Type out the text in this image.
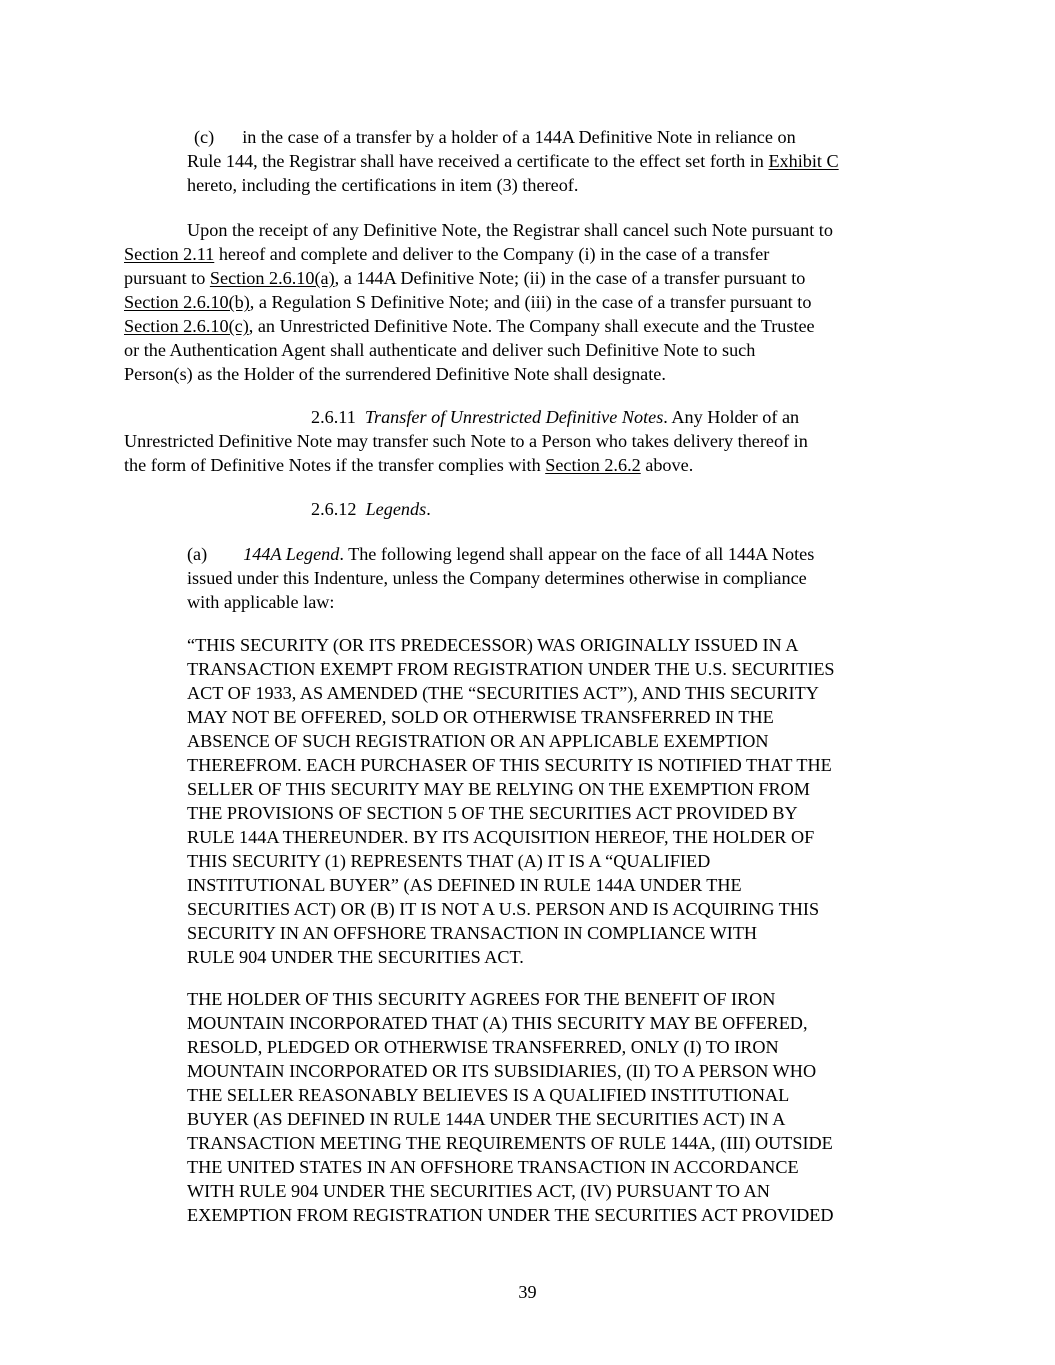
(c) in the case of a transfer by a holder of a 144A Definitive Note in reliance on
Rule 144, the Registrar shall have received a certificate to the effect set forth in Exhibit C
hereto, including the certifications in item (3) thereof.
Upon the receipt of any Definitive Note, the Registrar shall cancel such Note pursuant to
Section 2.11 hereof and complete and deliver to the Company (i) in the case of a transfer
pursuant to Section 2.6.10(a), a 144A Definitive Note; (ii) in the case of a transfer pursuant to
Section 2.6.10(b), a Regulation S Definitive Note; and (iii) in the case of a transfer pursuant to
Section 2.6.10(c), an Unrestricted Definitive Note. The Company shall execute and the Trustee
or the Authentication Agent shall authenticate and deliver such Definitive Note to such
Person(s) as the Holder of the surrendered Definitive Note shall designate.
2.6.11 Transfer of Unrestricted Definitive Notes. Any Holder of an
Unrestricted Definitive Note may transfer such Note to a Person who takes delivery thereof in
the form of Definitive Notes if the transfer complies with Section 2.6.2 above.
2.6.12 Legends.
(a) 144A Legend. The following legend shall appear on the face of all 144A Notes
issued under this Indenture, unless the Company determines otherwise in compliance
with applicable law:
“THIS SECURITY (OR ITS PREDECESSOR) WAS ORIGINALLY ISSUED IN A
TRANSACTION EXEMPT FROM REGISTRATION UNDER THE U.S. SECURITIES
ACT OF 1933, AS AMENDED (THE “SECURITIES ACT”), AND THIS SECURITY
MAY NOT BE OFFERED, SOLD OR OTHERWISE TRANSFERRED IN THE
ABSENCE OF SUCH REGISTRATION OR AN APPLICABLE EXEMPTION
THEREFROM. EACH PURCHASER OF THIS SECURITY IS NOTIFIED THAT THE
SELLER OF THIS SECURITY MAY BE RELYING ON THE EXEMPTION FROM
THE PROVISIONS OF SECTION 5 OF THE SECURITIES ACT PROVIDED BY
RULE 144A THEREUNDER. BY ITS ACQUISITION HEREOF, THE HOLDER OF
THIS SECURITY (1) REPRESENTS THAT (A) IT IS A “QUALIFIED
INSTITUTIONAL BUYER” (AS DEFINED IN RULE 144A UNDER THE
SECURITIES ACT) OR (B) IT IS NOT A U.S. PERSON AND IS ACQUIRING THIS
SECURITY IN AN OFFSHORE TRANSACTION IN COMPLIANCE WITH
RULE 904 UNDER THE SECURITIES ACT.
THE HOLDER OF THIS SECURITY AGREES FOR THE BENEFIT OF IRON
MOUNTAIN INCORPORATED THAT (A) THIS SECURITY MAY BE OFFERED,
RESOLD, PLEDGED OR OTHERWISE TRANSFERRED, ONLY (I) TO IRON
MOUNTAIN INCORPORATED OR ITS SUBSIDIARIES, (II) TO A PERSON WHO
THE SELLER REASONABLY BELIEVES IS A QUALIFIED INSTITUTIONAL
BUYER (AS DEFINED IN RULE 144A UNDER THE SECURITIES ACT) IN A
TRANSACTION MEETING THE REQUIREMENTS OF RULE 144A, (III) OUTSIDE
THE UNITED STATES IN AN OFFSHORE TRANSACTION IN ACCORDANCE
WITH RULE 904 UNDER THE SECURITIES ACT, (IV) PURSUANT TO AN
EXEMPTION FROM REGISTRATION UNDER THE SECURITIES ACT PROVIDED
39
